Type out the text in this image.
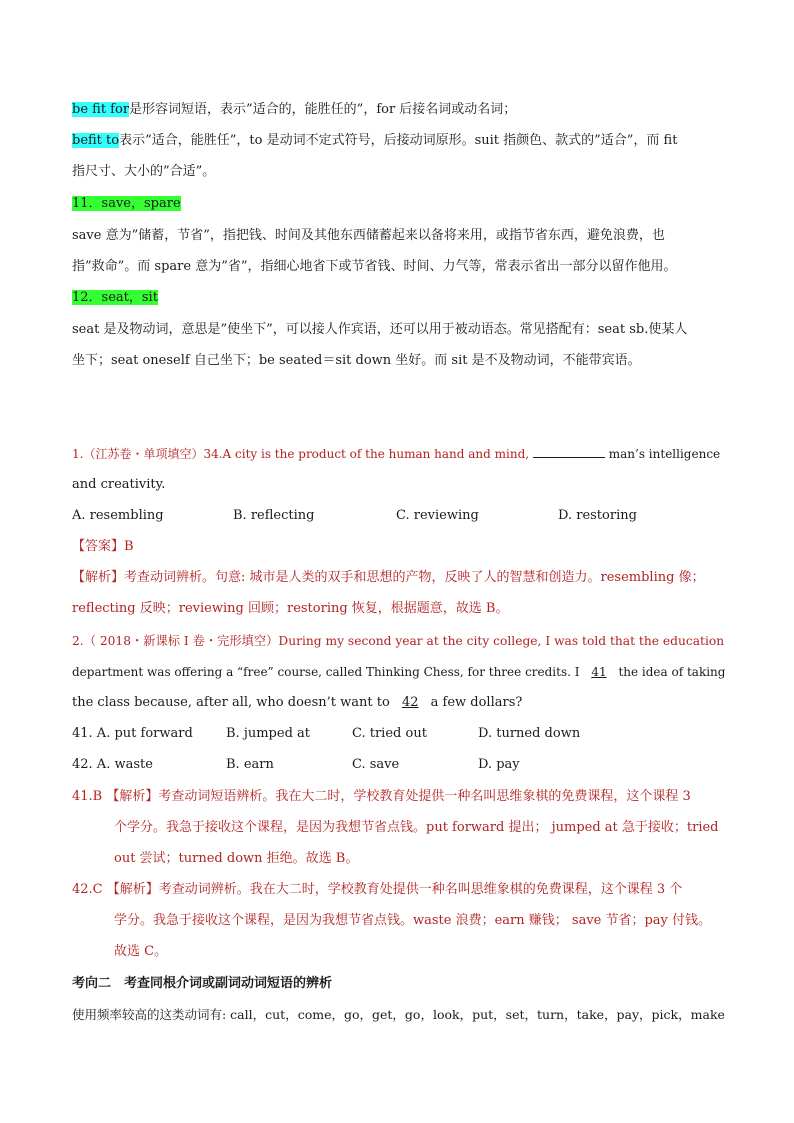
be fit for是形容词短语，表示”适合的，能胜任的”，for 后接名词或动名词；
befit to表示”适合，能胜任”，to 是动词不定式符号，后接动词原形。suit 指颜色、款式的”适合”，而 fit
指尺寸、大小的”合适”。
11．save，spare
save 意为”储蓄，节省”，指把钱、时间及其他东西储蓄起来以备将来用，或指节省东西，避免浪费，也
指”救命”。而 spare 意为”省”，指细心地省下或节省钱、时间、力气等，常表示省出一部分以留作他用。
12．seat，sit
seat 是及物动词，意思是”使坐下”，可以接人作宾语，还可以用于被动语态。常见搭配有：seat sb.使某人
坐下；seat oneself 自己坐下；be seated＝sit down 坐好。而 sit 是不及物动词，不能带宾语。
1.（江苏卷・单项填空）34.A city is the product of the human hand and mind,	man’s intelligence
and creativity.
A. resembling	B. reflecting	C. reviewing	D. restoring
【答案】B
【解析】考查动词辨析。句意: 城市是人类的双手和思想的产物，反映了人的智慧和创造力。resembling 像；
reflecting 反映；reviewing 回顾；restoring 恢复，根据题意，故选 B。
2.（ 2018・新课标 I 卷・完形填空）During my second year at the city college, I was told that the education
department was offering a “free” course, called Thinking Chess, for three credits. I 41 the idea of taking
the class because, after all, who doesn’t want to 42 a few dollars?
41. A. put forward	B. jumped at	C. tried out	D. turned down
42. A. waste	B. earn	C. save	D. pay
41.B 【解析】考查动词短语辨析。我在大二时，学校教育处提供一种名叫思维象棋的免费课程，这个课程 3
个学分。我急于接收这个课程，是因为我想节省点钱。put forward 提出； jumped at 急于接收；tried
out 尝试；turned down 拒绝。故选 B。
42.C 【解析】考查动词辨析。我在大二时，学校教育处提供一种名叫思维象棋的免费课程，这个课程 3 个
学分。我急于接收这个课程，是因为我想节省点钱。waste 浪费；earn 赚钱； save 节省；pay 付钱。
故选 C。
考向二　考查同根介词或副词动词短语的辨析
使用频率较高的这类动词有: call，cut，come，go，get，go，look，put，set，turn，take，pay，pick，make
